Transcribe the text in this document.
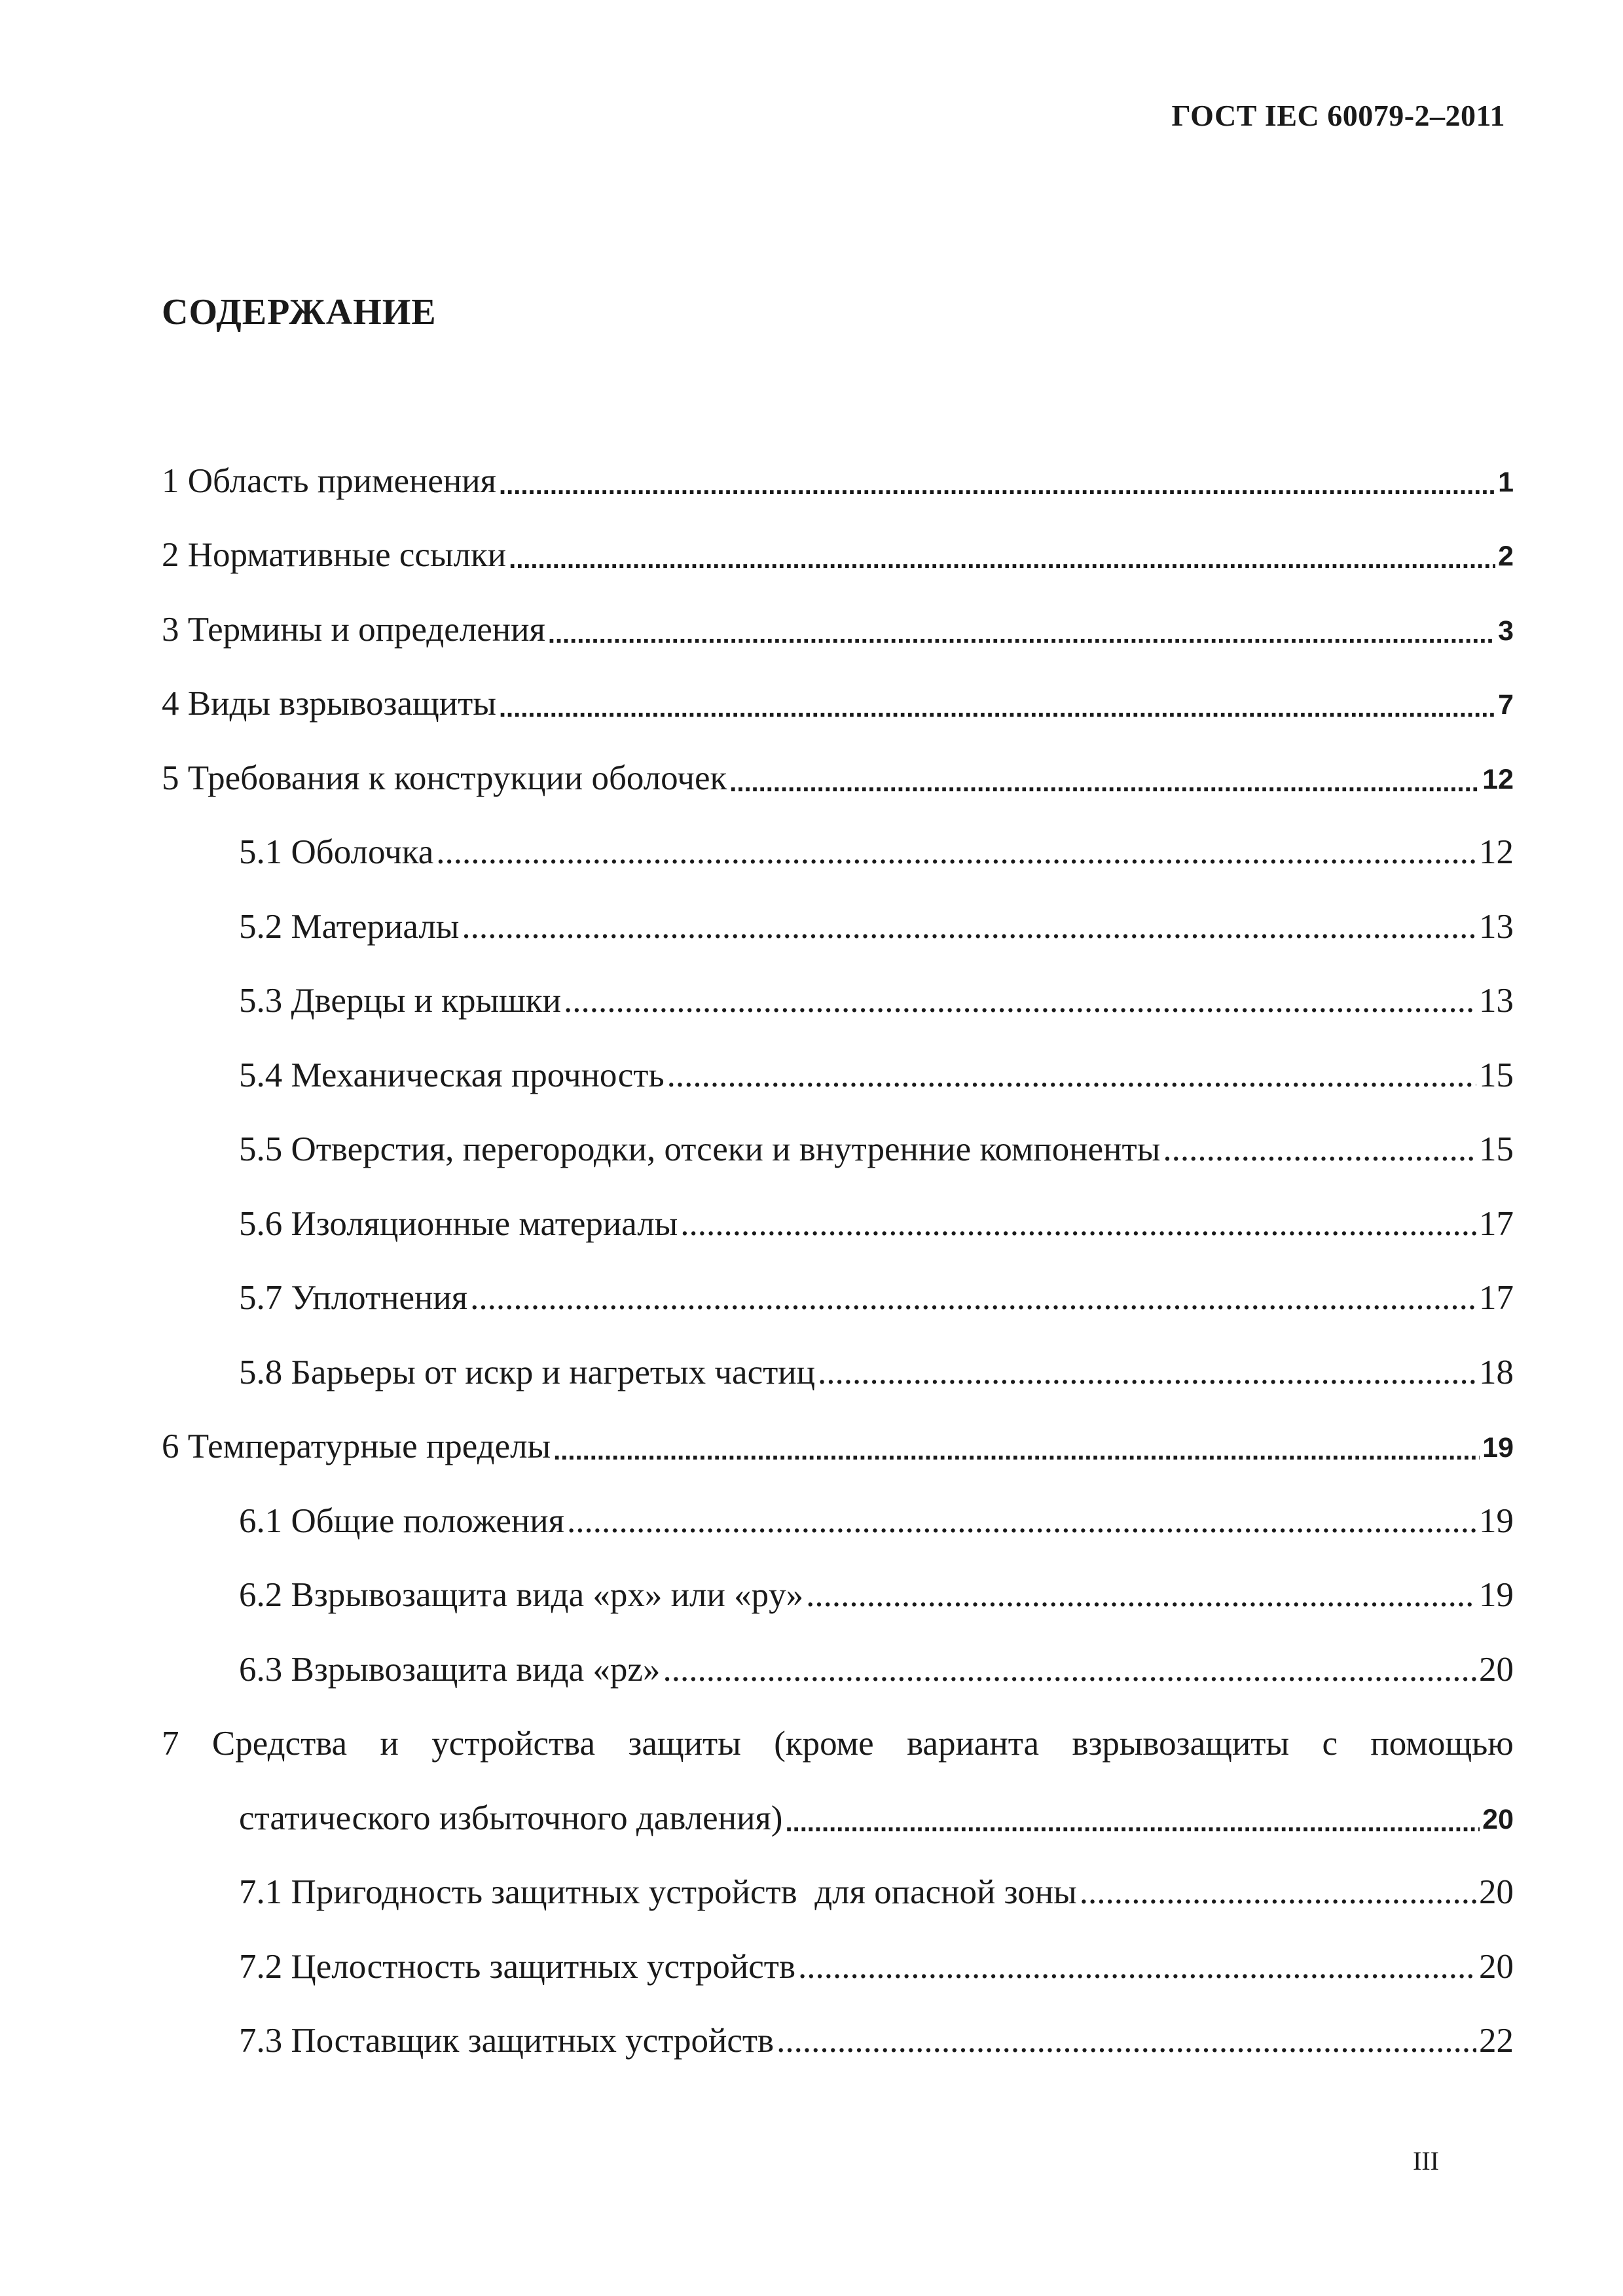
ГОСТ IEC 60079-2–2011
СОДЕРЖАНИЕ
1 Область применения .....	1
2 Нормативные ссылки .....	2
3 Термины и определения .....	3
4 Виды взрывозащиты .....	7
5 Требования к конструкции оболочек .....	12
5.1 Оболочка .....	12
5.2 Материалы .....	13
5.3 Дверцы и крышки .....	13
5.4 Механическая прочность .....	15
5.5 Отверстия, перегородки, отсеки и внутренние компоненты .....	15
5.6 Изоляционные материалы .....	17
5.7 Уплотнения .....	17
5.8 Барьеры от искр и нагретых частиц .....	18
6 Температурные пределы .....	19
6.1 Общие положения .....	19
6.2 Взрывозащита вида «px» или «py» .....	19
6.3 Взрывозащита вида «pz» .....	20
7 Средства и устройства защиты (кроме варианта взрывозащиты с помощью
статического избыточного давления) .....	20
7.1 Пригодность защитных устройств  для опасной зоны .....	20
7.2 Целостность защитных устройств .....	20
7.3 Поставщик защитных устройств .....	22
III
